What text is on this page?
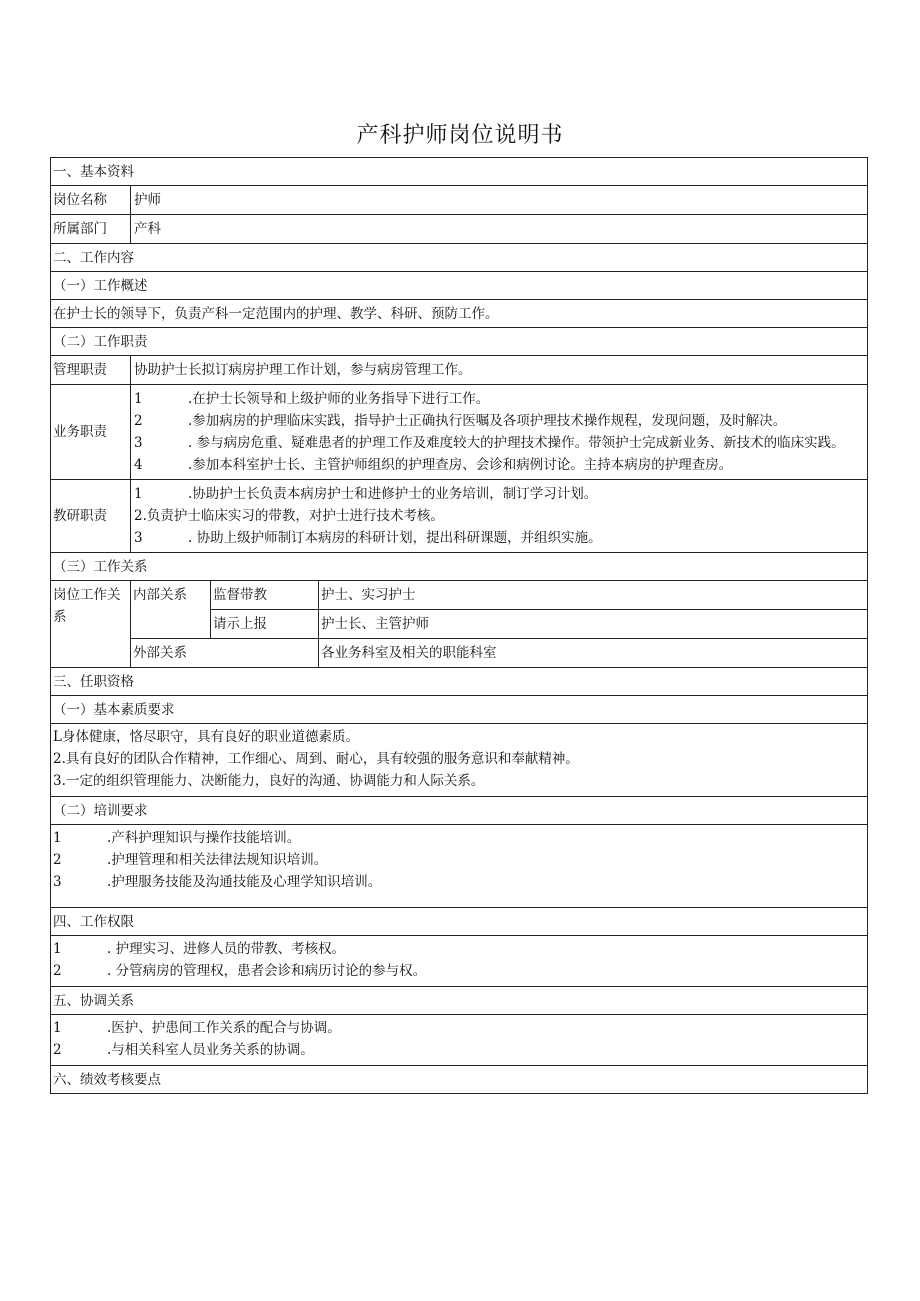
产科护师岗位说明书
一、基本资料
岗位名称	护师
所属部门	产科
二、工作内容
（一）工作概述
在护士长的领导下，负责产科一定范围内的护理、教学、科研、预防工作。
（二）工作职责
管理职责	协助护士长拟订病房护理工作计划，参与病房管理工作。
业务职责
1	.在护士长领导和上级护师的业务指导下进行工作。
2	.参加病房的护理临床实践，指导护士正确执行医嘱及各项护理技术操作规程，发现问题，及时解决。
3	. 参与病房危重、疑难患者的护理工作及难度较大的护理技术操作。带领护士完成新业务、新技术的临床实践。
4	.参加本科室护士长、主管护师组织的护理查房、会诊和病例讨论。主持本病房的护理查房。
教研职责
1	.协助护士长负责本病房护士和进修护士的业务培训，制订学习计划。
2.负责护士临床实习的带教，对护士进行技术考核。
3	. 协助上级护师制订本病房的科研计划，提出科研课题，并组织实施。
（三）工作关系
岗位工作关系
内部关系	监督带教	护士、实习护士
请示上报	护士长、主管护师
外部关系	各业务科室及相关的职能科室
三、任职资格
（一）基本素质要求
L身体健康，恪尽职守，具有良好的职业道德素质。
2.具有良好的团队合作精神，工作细心、周到、耐心，具有较强的服务意识和奉献精神。
3.一定的组织管理能力、决断能力，良好的沟通、协调能力和人际关系。
（二）培训要求
1	.产科护理知识与操作技能培训。
2	.护理管理和相关法律法规知识培训。
3	.护理服务技能及沟通技能及心理学知识培训。
四、工作权限
1	. 护理实习、进修人员的带教、考核权。
2	. 分管病房的管理权，患者会诊和病历讨论的参与权。
五、协调关系
1	.医护、护患间工作关系的配合与协调。
2	.与相关科室人员业务关系的协调。
六、绩效考核要点
